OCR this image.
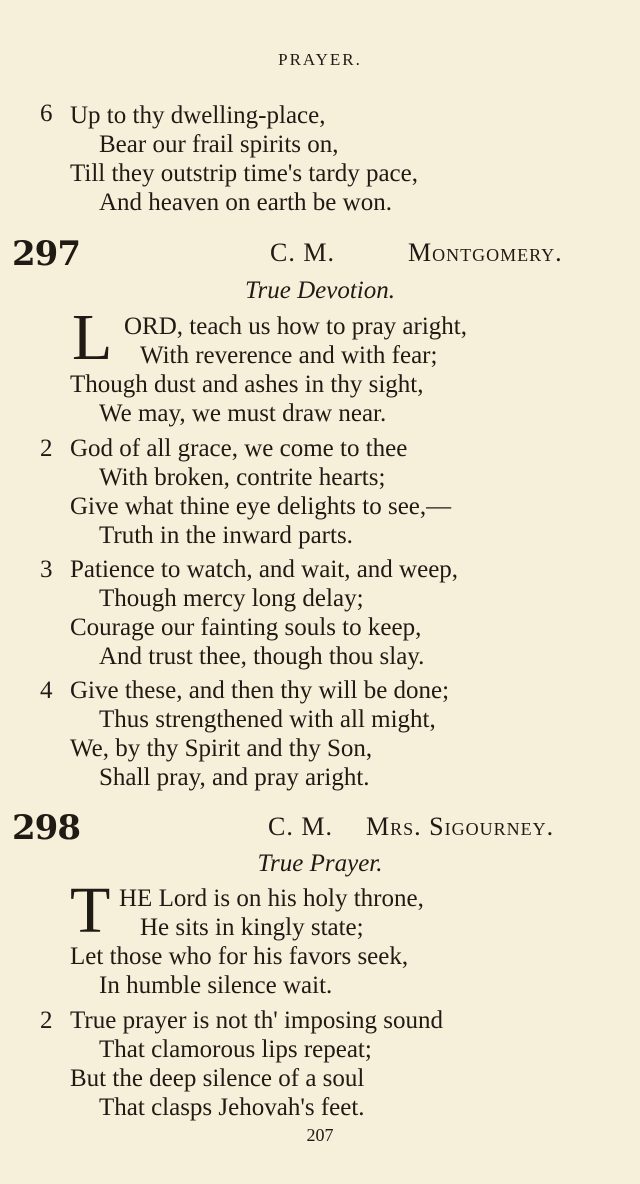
PRAYER.
6 Up to thy dwelling-place,
Bear our frail spirits on,
Till they outstrip time's tardy pace,
And heaven on earth be won.
297	C. M.	Montgomery.
True Devotion.
L ORD, teach us how to pray aright,
With reverence and with fear;
Though dust and ashes in thy sight,
We may, we must draw near.
2 God of all grace, we come to thee
With broken, contrite hearts;
Give what thine eye delights to see,—
Truth in the inward parts.
3 Patience to watch, and wait, and weep,
Though mercy long delay;
Courage our fainting souls to keep,
And trust thee, though thou slay.
4 Give these, and then thy will be done;
Thus strengthened with all might,
We, by thy Spirit and thy Son,
Shall pray, and pray aright.
298	C. M. Mrs. Sigourney.
True Prayer.
T HE Lord is on his holy throne,
He sits in kingly state;
Let those who for his favors seek,
In humble silence wait.
2 True prayer is not th' imposing sound
That clamorous lips repeat;
But the deep silence of a soul
That clasps Jehovah's feet.
207
